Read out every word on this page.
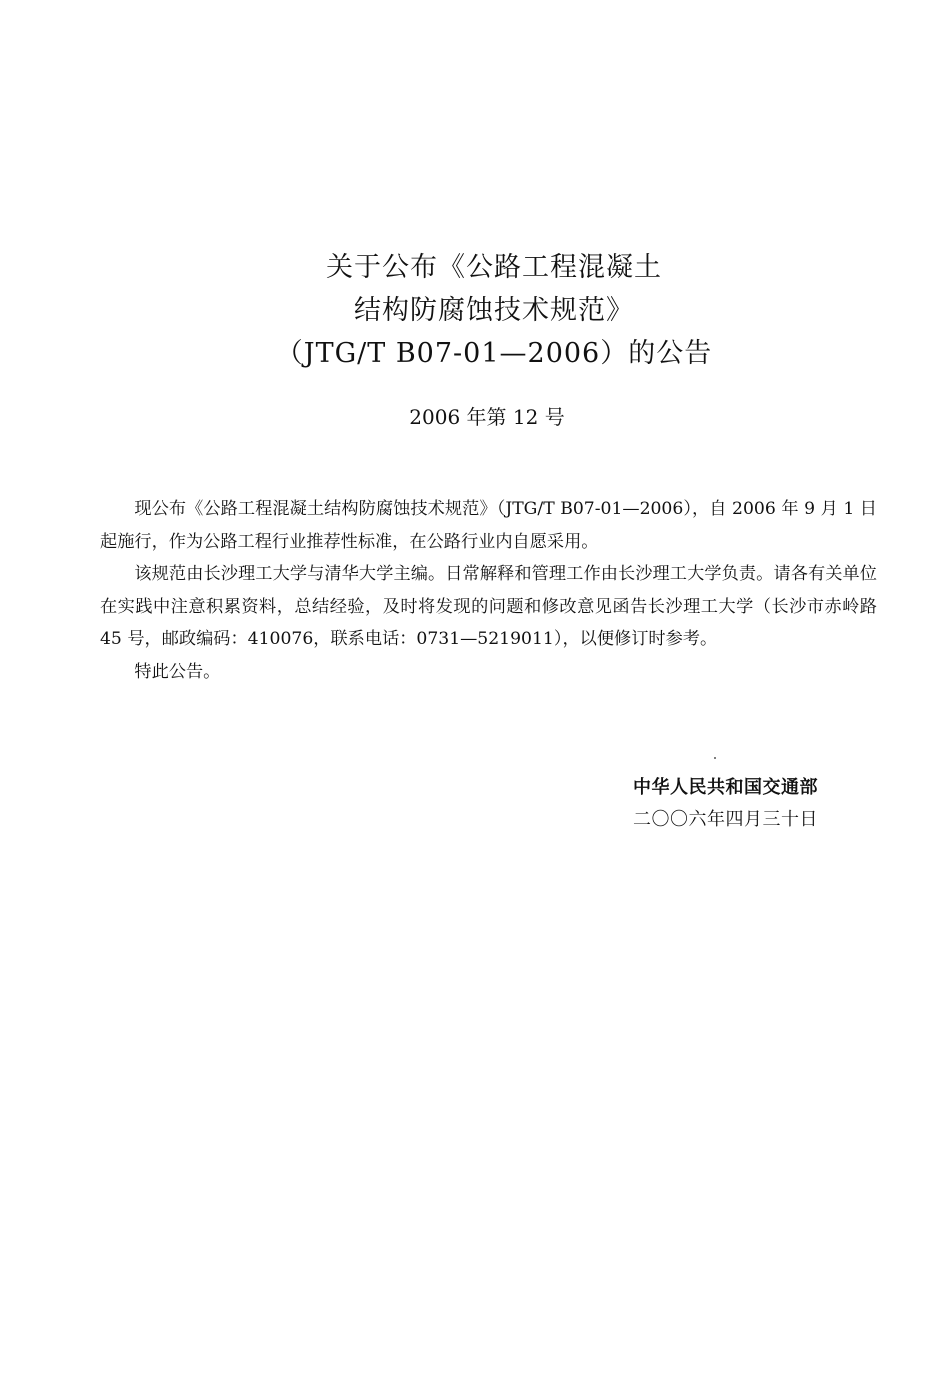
关于公布《公路工程混凝土
结构防腐蚀技术规范》
（JTG/T B07-01—2006）的公告
2006 年第 12 号

现公布《公路工程混凝土结构防腐蚀技术规范》（JTG/T B07-01—2006），自 2006 年 9 月 1 日起施行，作为公路工程行业推荐性标准，在公路行业内自愿采用。

该规范由长沙理工大学与清华大学主编。日常解释和管理工作由长沙理工大学负责。请各有关单位在实践中注意积累资料，总结经验，及时将发现的问题和修改意见函告长沙理工大学（长沙市赤岭路 45 号，邮政编码：410076，联系电话：0731—5219011），以便修订时参考。

特此公告。

中华人民共和国交通部
二〇〇六年四月三十日
